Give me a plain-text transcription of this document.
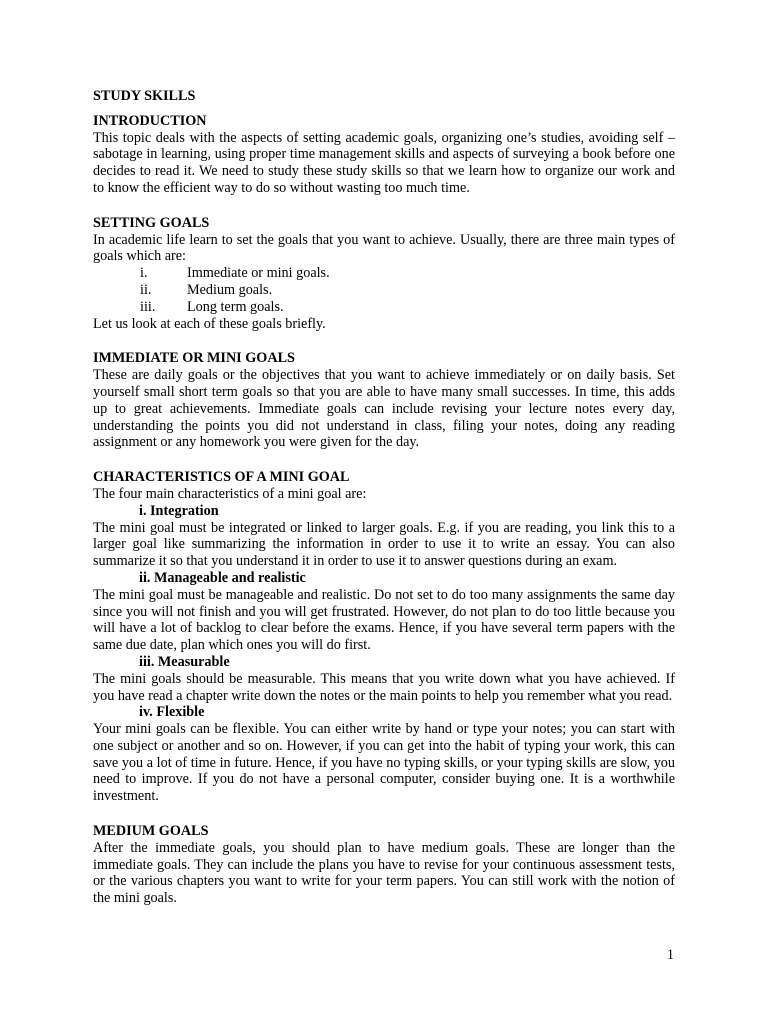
STUDY SKILLS

INTRODUCTION

This topic deals with the aspects of setting academic goals, organizing one’s studies, avoiding self – sabotage in learning, using proper time management skills and aspects of surveying a book before one decides to read it. We need to study these study skills so that we learn how to organize our work and to know the efficient way to do so without wasting too much time.

SETTING GOALS

In academic life learn to set the goals that you want to achieve. Usually, there are three main types of goals which are:

i.	Immediate or mini goals.
ii.	Medium goals.
iii.	Long term goals.

Let us look at each of these goals briefly.

IMMEDIATE OR MINI GOALS

These are daily goals or the objectives that you want to achieve immediately or on daily basis. Set yourself small short term goals so that you are able to have many small successes. In time, this adds up to great achievements. Immediate goals can include revising your lecture notes every day, understanding the points you did not understand in class, filing your notes, doing any reading assignment or any homework you were given for the day.

CHARACTERISTICS OF A MINI GOAL

The four main characteristics of a mini goal are:

i. Integration

The mini goal must be integrated or linked to larger goals. E.g. if you are reading, you link this to a larger goal like summarizing the information in order to use it to write an essay. You can also summarize it so that you understand it in order to use it to answer questions during an exam.

ii. Manageable and realistic

The mini goal must be manageable and realistic. Do not set to do too many assignments the same day since you will not finish and you will get frustrated. However, do not plan to do too little because you will have a lot of backlog to clear before the exams. Hence, if you have several term papers with the same due date, plan which ones you will do first.

iii. Measurable

The mini goals should be measurable. This means that you write down what you have achieved. If you have read a chapter write down the notes or the main points to help you remember what you read.

iv. Flexible

Your mini goals can be flexible. You can either write by hand or type your notes; you can start with one subject or another and so on. However, if you can get into the habit of typing your work, this can save you a lot of time in future. Hence, if you have no typing skills, or your typing skills are slow, you need to improve. If you do not have a personal computer, consider buying one. It is a worthwhile investment.

MEDIUM GOALS

After the immediate goals, you should plan to have medium goals. These are longer than the immediate goals. They can include the plans you have to revise for your continuous assessment tests, or the various chapters you want to write for your term papers. You can still work with the notion of the mini goals.

1
